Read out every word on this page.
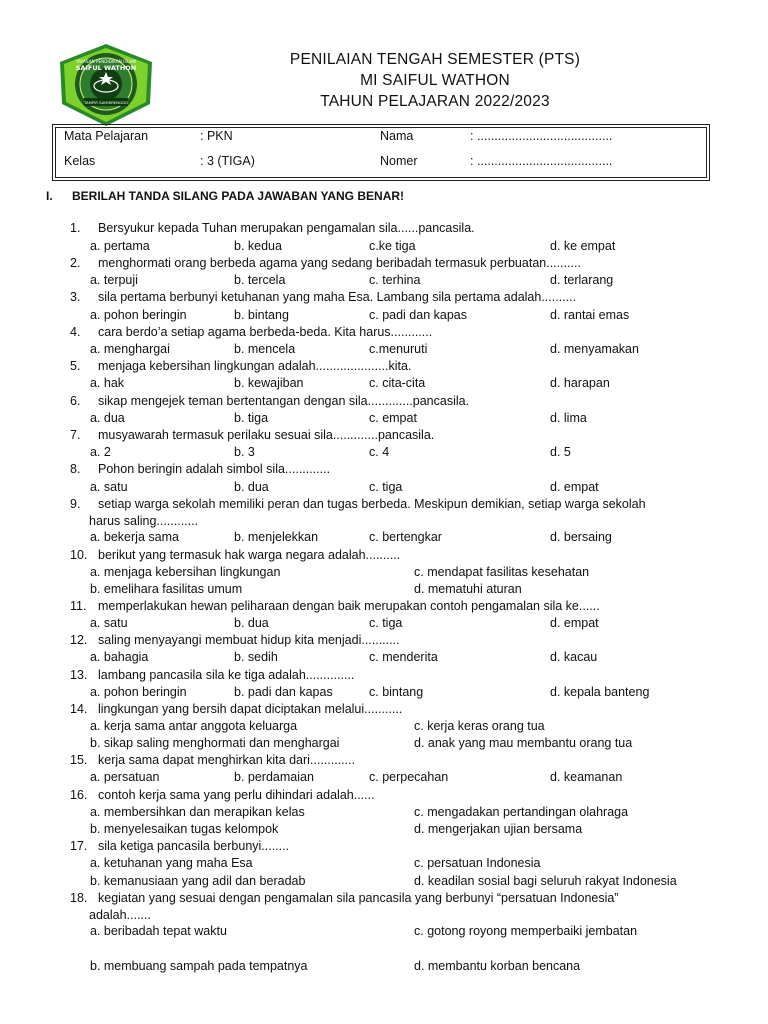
YAYASAN PENDIDIKAN ISLAM
SAIFUL WATHON
TAMPIR SAMIRRENGGO
PENILAIAN TENGAH SEMESTER (PTS)
MI SAIFUL WATHON
TAHUN PELAJARAN 2022/2023
Mata Pelajaran	: PKN	Nama	: .......................................
Kelas	: 3 (TIGA)	Nomer	: .......................................
I. BERILAH TANDA SILANG PADA JAWABAN YANG BENAR!
1. Bersyukur kepada Tuhan merupakan pengamalan sila......pancasila.
a. pertama	b. kedua	c.ke tiga	d. ke empat
2. menghormati orang berbeda agama yang sedang beribadah termasuk perbuatan..........
a. terpuji	b. tercela	c. terhina	d. terlarang
3. sila pertama berbunyi ketuhanan yang maha Esa. Lambang sila pertama adalah..........
a. pohon beringin	b. bintang	c. padi dan kapas	d. rantai emas
4. cara berdo’a setiap agama berbeda-beda. Kita harus............
a. menghargai	b. mencela	c.menuruti	d. menyamakan
5. menjaga kebersihan lingkungan adalah.....................kita.
a. hak	b. kewajiban	c. cita-cita	d. harapan
6. sikap mengejek teman bertentangan dengan sila.............pancasila.
a. dua	b. tiga	c. empat	d. lima
7. musyawarah termasuk perilaku sesuai sila.............pancasila.
a. 2	b. 3	c. 4	d. 5
8. Pohon beringin adalah simbol sila.............
a. satu	b. dua	c. tiga	d. empat
9. setiap warga sekolah memiliki peran dan tugas berbeda. Meskipun demikian, setiap warga sekolah
harus saling............
a. bekerja sama	b. menjelekkan	c. bertengkar	d. bersaing
10. berikut yang termasuk hak warga negara adalah..........
a. menjaga kebersihan lingkungan	c. mendapat fasilitas kesehatan
b. emelihara fasilitas umum	d. mematuhi aturan
11. memperlakukan hewan peliharaan dengan baik merupakan contoh pengamalan sila ke......
a. satu	b. dua	c. tiga	d. empat
12. saling menyayangi membuat hidup kita menjadi...........
a. bahagia	b. sedih	c. menderita	d. kacau
13. lambang pancasila sila ke tiga adalah..............
a. pohon beringin	b. padi dan kapas	c. bintang	d. kepala banteng
14. lingkungan yang bersih dapat diciptakan melalui...........
a. kerja sama antar anggota keluarga	c. kerja keras orang tua
b. sikap saling menghormati dan menghargai	d. anak yang mau membantu orang tua
15. kerja sama dapat menghirkan kita dari.............
a. persatuan	b. perdamaian	c. perpecahan	d. keamanan
16. contoh kerja sama yang perlu dihindari adalah......
a. membersihkan dan merapikan kelas	c. mengadakan pertandingan olahraga
b. menyelesaikan tugas kelompok	d. mengerjakan ujian bersama
17. sila ketiga pancasila berbunyi........
a. ketuhanan yang maha Esa	c. persatuan Indonesia
b. kemanusiaan yang adil dan beradab	d. keadilan sosial bagi seluruh rakyat Indonesia
18. kegiatan yang sesuai dengan pengamalan sila pancasila yang berbunyi “persatuan Indonesia”
adalah.......
a. beribadah tepat waktu	c. gotong royong memperbaiki jembatan
b. membuang sampah pada tempatnya	d. membantu korban bencana
